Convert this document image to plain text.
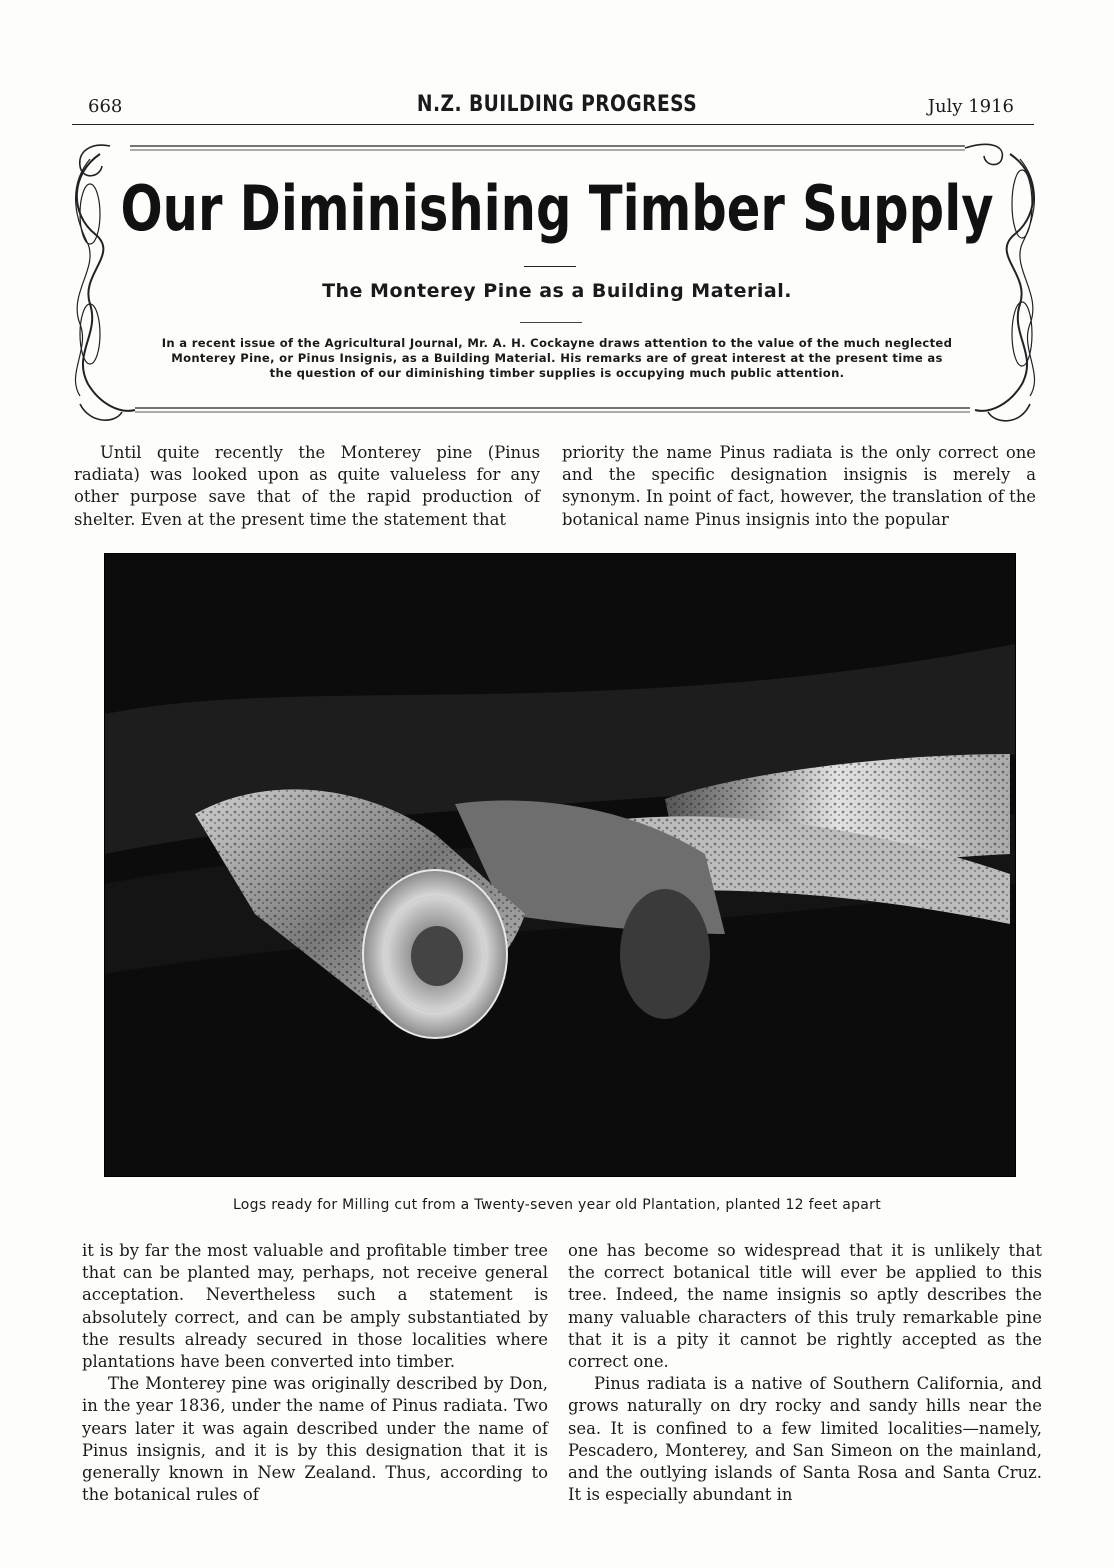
668	N.Z. BUILDING PROGRESS	July 1916
Our Diminishing Timber Supply
The Monterey Pine as a Building Material.
In a recent issue of the Agricultural Journal, Mr. A. H. Cockayne draws attention to the value of the much neglected Monterey Pine, or Pinus Insignis, as a Building Material. His remarks are of great interest at the present time as the question of our diminishing timber supplies is occupying much public attention.

Until quite recently the Monterey pine (Pinus radiata) was looked upon as quite valueless for any other purpose save that of the rapid production of shelter. Even at the present time the statement that

priority the name Pinus radiata is the only correct one and the specific designation insignis is merely a synonym. In point of fact, however, the translation of the botanical name Pinus insignis into the popular

Logs ready for Milling cut from a Twenty-seven year old Plantation, planted 12 feet apart

it is by far the most valuable and profitable timber tree that can be planted may, perhaps, not receive general acceptation. Nevertheless such a statement is absolutely correct, and can be amply substantiated by the results already secured in those localities where plantations have been converted into timber.

The Monterey pine was originally described by Don, in the year 1836, under the name of Pinus radiata. Two years later it was again described under the name of Pinus insignis, and it is by this designation that it is generally known in New Zealand. Thus, according to the botanical rules of

one has become so widespread that it is unlikely that the correct botanical title will ever be applied to this tree. Indeed, the name insignis so aptly describes the many valuable characters of this truly remarkable pine that it is a pity it cannot be rightly accepted as the correct one.

Pinus radiata is a native of Southern California, and grows naturally on dry rocky and sandy hills near the sea. It is confined to a few limited localities—namely, Pescadero, Monterey, and San Simeon on the mainland, and the outlying islands of Santa Rosa and Santa Cruz. It is especially abundant in
